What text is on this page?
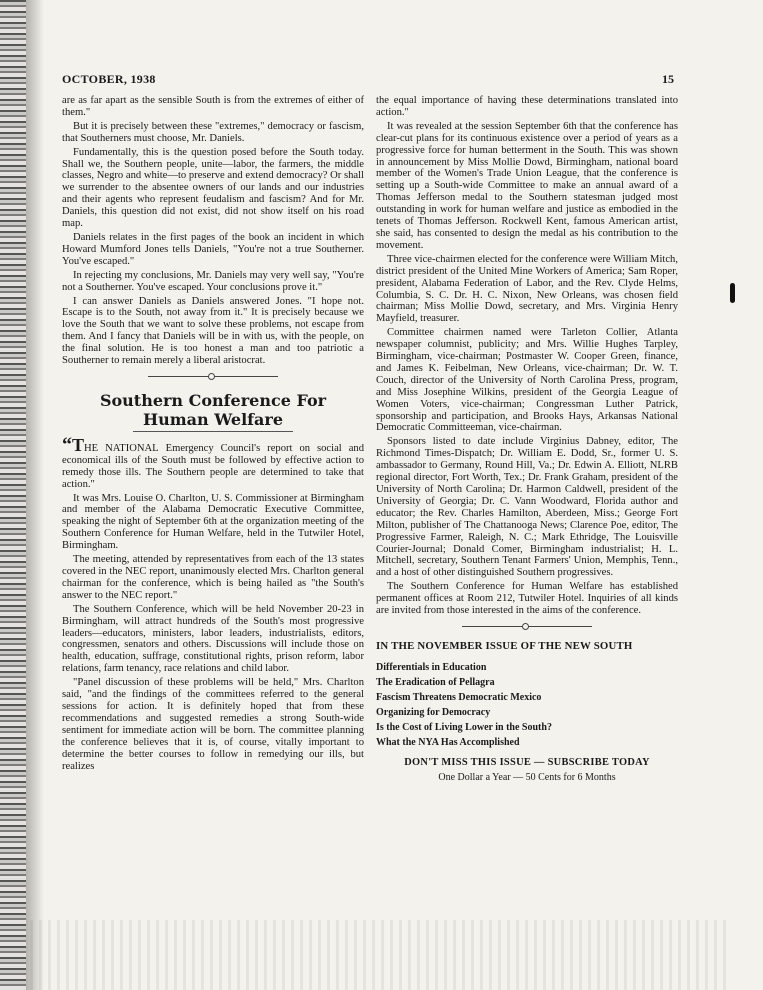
OCTOBER, 1938	15

are as far apart as the sensible South is from the extremes of either of them."

But it is precisely between these "extremes," democracy or fascism, that Southerners must choose, Mr. Daniels.

Fundamentally, this is the question posed before the South today. Shall we, the Southern people, unite—labor, the farmers, the middle classes, Negro and white—to preserve and extend democracy? Or shall we surrender to the absentee owners of our lands and our industries and their agents who represent feudalism and fascism? And for Mr. Daniels, this question did not exist, did not show itself on his road map.

Daniels relates in the first pages of the book an incident in which Howard Mumford Jones tells Daniels, "You're not a true Southerner. You've escaped."

In rejecting my conclusions, Mr. Daniels may very well say, "You're not a Southerner. You've escaped. Your conclusions prove it."

I can answer Daniels as Daniels answered Jones. "I hope not. Escape is to the South, not away from it." It is precisely because we love the South that we want to solve these problems, not escape from them. And I fancy that Daniels will be in with us, with the people, on the final solution. He is too honest a man and too patriotic a Southerner to remain merely a liberal aristocrat.

Southern Conference For
Human Welfare

“THE NATIONAL Emergency Council's report on social and economical ills of the South must be followed by effective action to remedy those ills. The Southern people are determined to take that action."

It was Mrs. Louise O. Charlton, U. S. Commissioner at Birmingham and member of the Alabama Democratic Executive Committee, speaking the night of September 6th at the organization meeting of the Southern Conference for Human Welfare, held in the Tutwiler Hotel, Birmingham.

The meeting, attended by representatives from each of the 13 states covered in the NEC report, unanimously elected Mrs. Charlton general chairman for the conference, which is being hailed as "the South's answer to the NEC report."

The Southern Conference, which will be held November 20-23 in Birmingham, will attract hundreds of the South's most progressive leaders—educators, ministers, labor leaders, industrialists, editors, congressmen, senators and others. Discussions will include those on health, education, suffrage, constitutional rights, prison reform, labor relations, farm tenancy, race relations and child labor.

"Panel discussion of these problems will be held," Mrs. Charlton said, "and the findings of the committees referred to the general sessions for action. It is definitely hoped that from these recommendations and suggested remedies a strong South-wide sentiment for immediate action will be born. The committee planning the conference believes that it is, of course, vitally important to determine the better courses to follow in remedying our ills, but realizes

the equal importance of having these determinations translated into action."

It was revealed at the session September 6th that the conference has clear-cut plans for its continuous existence over a period of years as a progressive force for human betterment in the South. This was shown in announcement by Miss Mollie Dowd, Birmingham, national board member of the Women's Trade Union League, that the conference is setting up a South-wide Committee to make an annual award of a Thomas Jefferson medal to the Southern statesman judged most outstanding in work for human welfare and justice as embodied in the tenets of Thomas Jefferson. Rockwell Kent, famous American artist, she said, has consented to design the medal as his contribution to the movement.

Three vice-chairmen elected for the conference were William Mitch, district president of the United Mine Workers of America; Sam Roper, president, Alabama Federation of Labor, and the Rev. Clyde Helms, Columbia, S. C. Dr. H. C. Nixon, New Orleans, was chosen field chairman; Miss Mollie Dowd, secretary, and Mrs. Virginia Henry Mayfield, treasurer.

Committee chairmen named were Tarleton Collier, Atlanta newspaper columnist, publicity; and Mrs. Willie Hughes Tarpley, Birmingham, vice-chairman; Postmaster W. Cooper Green, finance, and James K. Feibelman, New Orleans, vice-chairman; Dr. W. T. Couch, director of the University of North Carolina Press, program, and Miss Josephine Wilkins, president of the Georgia League of Women Voters, vice-chairman; Congressman Luther Patrick, sponsorship and participation, and Brooks Hays, Arkansas National Democratic Committeeman, vice-chairman.

Sponsors listed to date include Virginius Dabney, editor, The Richmond Times-Dispatch; Dr. William E. Dodd, Sr., former U. S. ambassador to Germany, Round Hill, Va.; Dr. Edwin A. Elliott, NLRB regional director, Fort Worth, Tex.; Dr. Frank Graham, president of the University of North Carolina; Dr. Harmon Caldwell, president of the University of Georgia; Dr. C. Vann Woodward, Florida author and educator; the Rev. Charles Hamilton, Aberdeen, Miss.; George Fort Milton, publisher of The Chattanooga News; Clarence Poe, editor, The Progressive Farmer, Raleigh, N. C.; Mark Ethridge, The Louisville Courier-Journal; Donald Comer, Birmingham industrialist; H. L. Mitchell, secretary, Southern Tenant Farmers' Union, Memphis, Tenn., and a host of other distinguished Southern progressives.

The Southern Conference for Human Welfare has established permanent offices at Room 212, Tutwiler Hotel. Inquiries of all kinds are invited from those interested in the aims of the conference.

IN THE NOVEMBER ISSUE OF THE NEW SOUTH
Differentials in Education
The Eradication of Pellagra
Fascism Threatens Democratic Mexico
Organizing for Democracy
Is the Cost of Living Lower in the South?
What the NYA Has Accomplished
DON'T MISS THIS ISSUE — SUBSCRIBE TODAY
One Dollar a Year — 50 Cents for 6 Months
